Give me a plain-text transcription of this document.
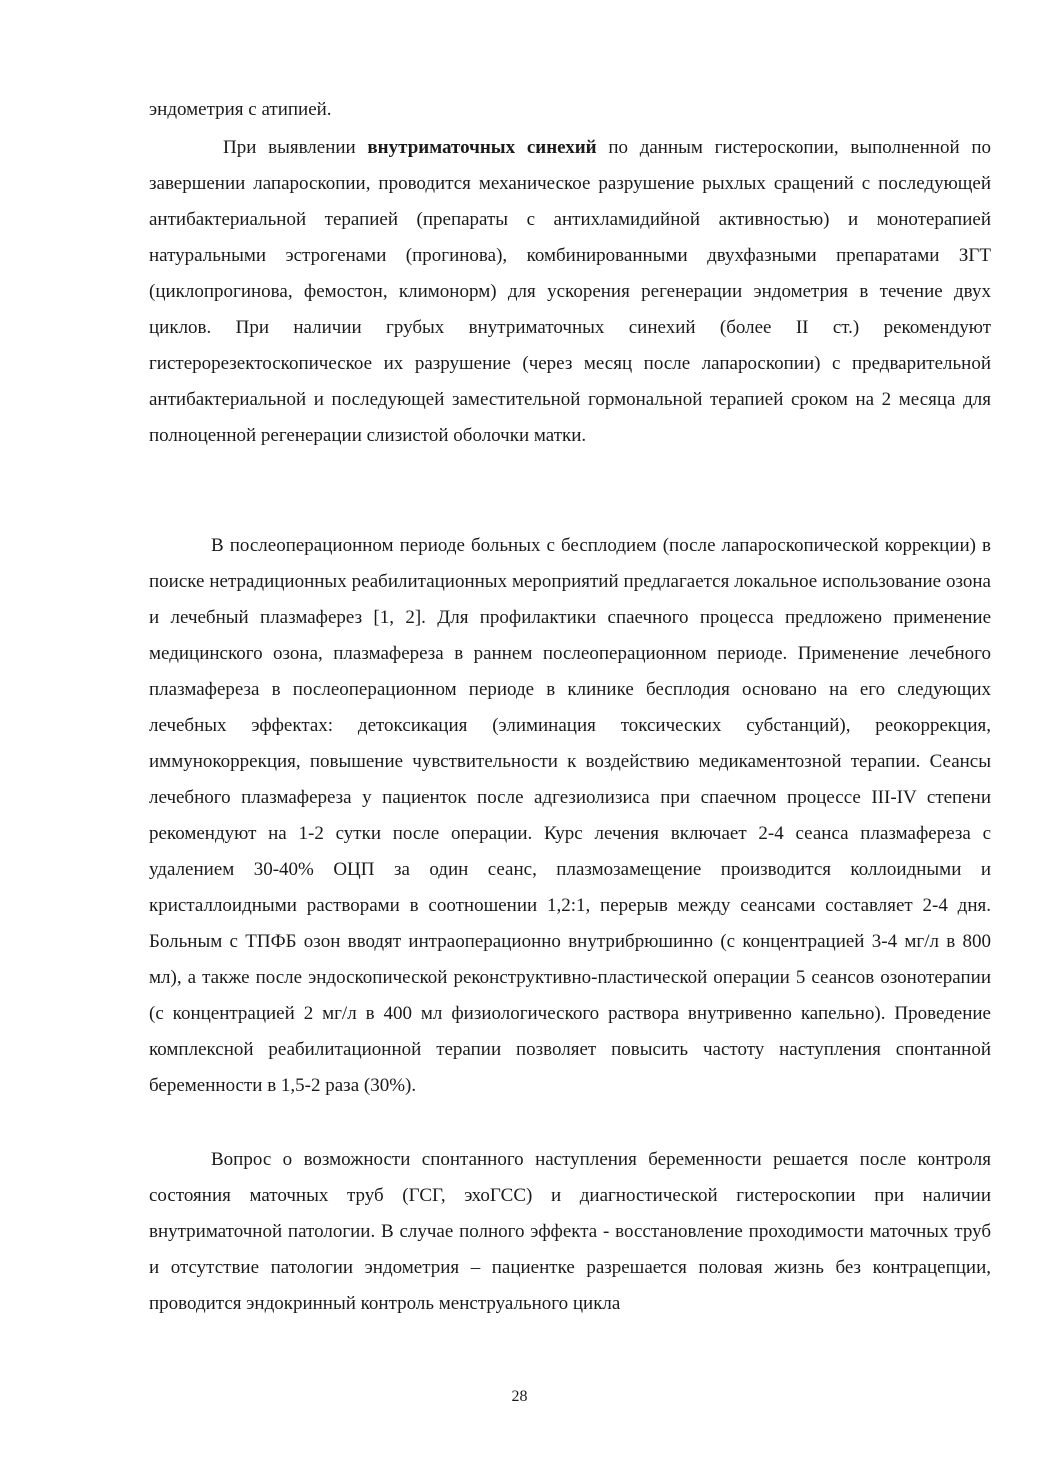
эндометрия с атипией.

При выявлении внутриматочных синехий по данным гистероскопии, выполненной по завершении лапароскопии, проводится механическое разрушение рыхлых сращений с последующей антибактериальной терапией (препараты с антихламидийной активностью) и монотерапией натуральными эстрогенами (прогинова), комбинированными двухфазными препаратами ЗГТ (циклопрогинова, фемостон, климонорм) для ускорения регенерации эндометрия в течение двух циклов. При наличии грубых внутриматочных синехий (более II ст.) рекомендуют гистерорезектоскопическое их разрушение (через месяц после лапароскопии) с предварительной антибактериальной и последующей заместительной гормональной терапией сроком на 2 месяца для полноценной регенерации слизистой оболочки матки.

В послеоперационном периоде больных с бесплодием (после лапароскопической коррекции) в поиске нетрадиционных реабилитационных мероприятий предлагается локальное использование озона и лечебный плазмаферез [1, 2]. Для профилактики спаечного процесса предложено применение медицинского озона, плазмафереза в раннем послеоперационном периоде. Применение лечебного плазмафереза в послеоперационном периоде в клинике бесплодия основано на его следующих лечебных эффектах: детоксикация (элиминация токсических субстанций), реокоррекция, иммунокоррекция, повышение чувствительности к воздействию медикаментозной терапии. Сеансы лечебного плазмафереза у пациенток после адгезиолизиса при спаечном процессе III-IV степени рекомендуют на 1-2 сутки после операции. Курс лечения включает 2-4 сеанса плазмафереза с удалением 30-40% ОЦП за один сеанс, плазмозамещение производится коллоидными и кристаллоидными растворами в соотношении 1,2:1, перерыв между сеансами составляет 2-4 дня. Больным с ТПФБ озон вводят интраоперационно внутрибрюшинно (с концентрацией 3-4 мг/л в 800 мл), а также после эндоскопической реконструктивно-пластической операции 5 сеансов озонотерапии (с концентрацией 2 мг/л в 400 мл физиологического раствора внутривенно капельно). Проведение комплексной реабилитационной терапии позволяет повысить частоту наступления спонтанной беременности в 1,5-2 раза (30%).

Вопрос о возможности спонтанного наступления беременности решается после контроля состояния маточных труб (ГСГ, эхоГСС) и диагностической гистероскопии при наличии внутриматочной патологии. В случае полного эффекта - восстановление проходимости маточных труб и отсутствие патологии эндометрия – пациентке разрешается половая жизнь без контрацепции, проводится эндокринный контроль менструального цикла

28
